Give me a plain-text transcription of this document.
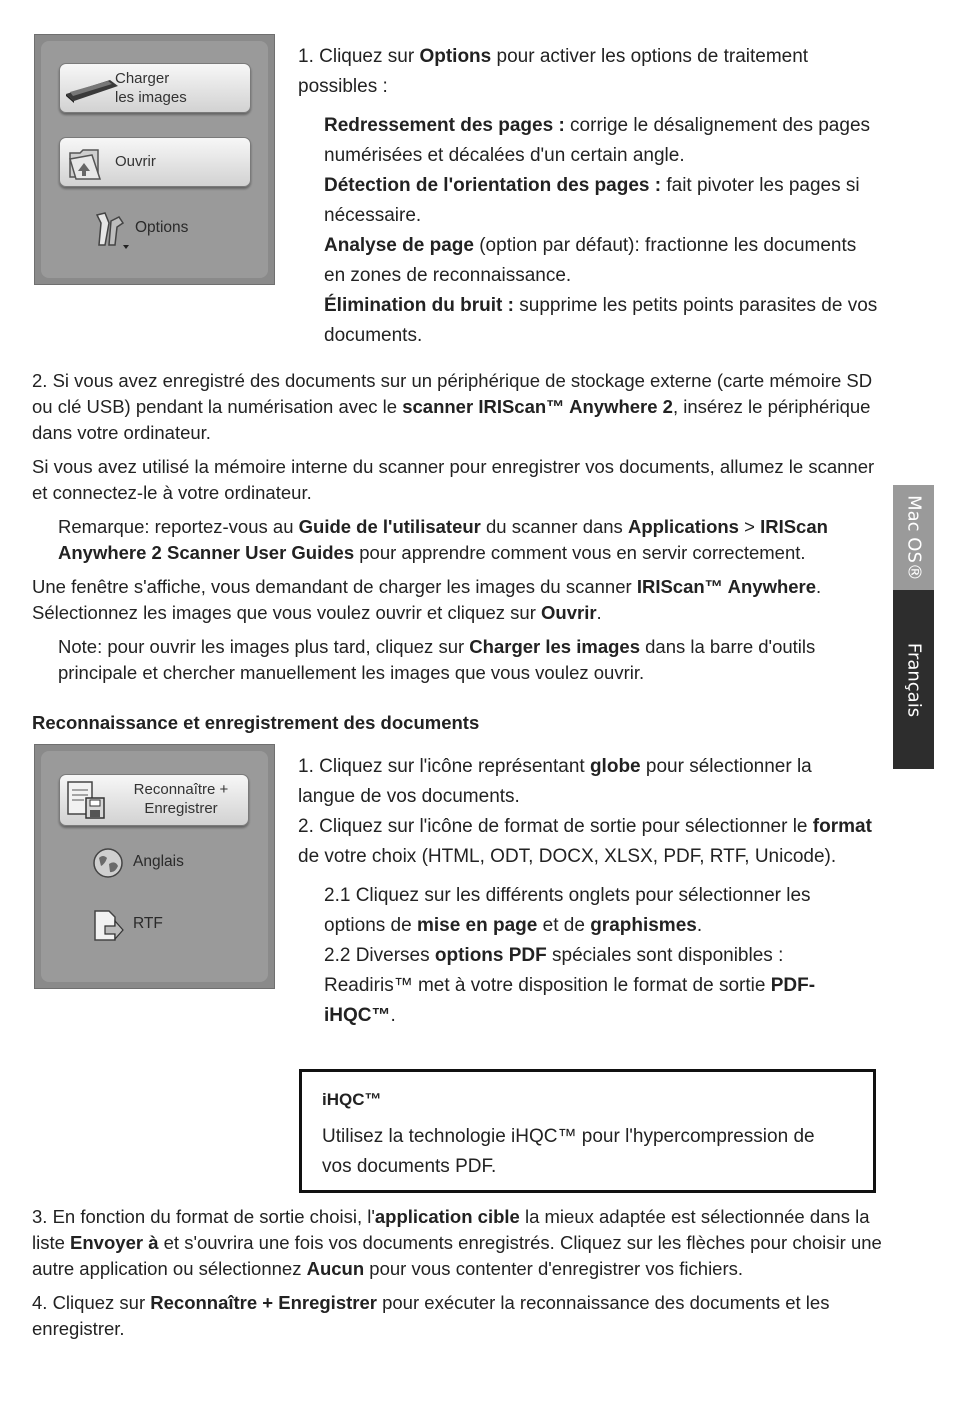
Charger
les images
Ouvrir
Options

1. Cliquez sur Options pour activer les options de traitement possibles :

Redressement des pages : corrige le désalignement des pages numérisées et décalées d'un certain angle.

Détection de l'orientation des pages : fait pivoter les pages si nécessaire.

Analyse de page (option par défaut): fractionne les documents en zones de reconnaissance.

Élimination du bruit : supprime les petits points parasites de vos documents.

Mac OS®
Français

2. Si vous avez enregistré des documents sur un périphérique de stockage externe (carte mémoire SD ou clé USB) pendant la numérisation avec le scanner IRIScan™ Anywhere 2, insérez le périphérique dans votre ordinateur.

Si vous avez utilisé la mémoire interne du scanner pour enregistrer vos documents, allumez le scanner et connectez-le à votre ordinateur.

Remarque: reportez-vous au Guide de l'utilisateur du scanner dans Applications > IRIScan Anywhere 2 Scanner User Guides pour apprendre comment vous en servir correctement.

Une fenêtre s'affiche, vous demandant de charger les images du scanner IRIScan™ Anywhere. Sélectionnez les images que vous voulez ouvrir et cliquez sur Ouvrir.

Note: pour ouvrir les images plus tard, cliquez sur Charger les images dans la barre d'outils principale et chercher manuellement les images que vous voulez ouvrir.

Reconnaissance et enregistrement des documents
Reconnaître +
Enregistrer
Anglais
RTF

1. Cliquez sur l'icône représentant globe pour sélectionner la langue de vos documents.

2. Cliquez sur l'icône de format de sortie pour sélectionner le format de votre choix (HTML, ODT, DOCX, XLSX, PDF, RTF, Unicode).

2.1 Cliquez sur les différents onglets pour sélectionner les options de mise en page et de graphismes.

2.2 Diverses options PDF spéciales sont disponibles : Readiris™ met à votre disposition le format de sortie PDF-iHQC™.

iHQC™
Utilisez la technologie iHQC™ pour l'hypercompression de vos documents PDF.

3. En fonction du format de sortie choisi, l'application cible la mieux adaptée est sélectionnée dans la liste Envoyer à et s'ouvrira une fois vos documents enregistrés. Cliquez sur les flèches pour choisir une autre application ou sélectionnez Aucun pour vous contenter d'enregistrer vos fichiers.

4. Cliquez sur Reconnaître + Enregistrer pour exécuter la reconnaissance des documents et les enregistrer.
